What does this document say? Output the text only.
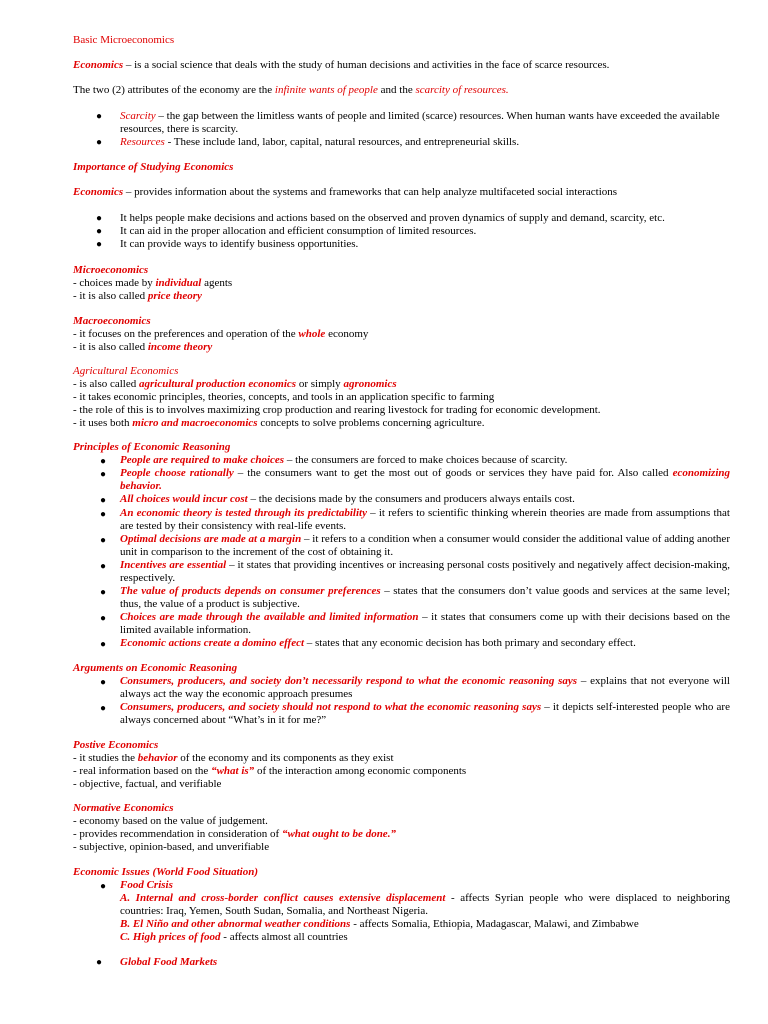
Basic Microeconomics
Economics – is a social science that deals with the study of human decisions and activities in the face of scarce resources.
The two (2) attributes of the economy are the infinite wants of people and the scarcity of resources.
● Scarcity – the gap between the limitless wants of people and limited (scarce) resources. When human wants have exceeded the available resources, there is scarcity.
● Resources - These include land, labor, capital, natural resources, and entrepreneurial skills.
Importance of Studying Economics
Economics – provides information about the systems and frameworks that can help analyze multifaceted social interactions
● It helps people make decisions and actions based on the observed and proven dynamics of supply and demand, scarcity, etc.
● It can aid in the proper allocation and efficient consumption of limited resources.
● It can provide ways to identify business opportunities.
Microeconomics
- choices made by individual agents
- it is also called price theory
Macroeconomics
- it focuses on the preferences and operation of the whole economy
- it is also called income theory
Agricultural Economics
- is also called agricultural production economics or simply agronomics
- it takes economic principles, theories, concepts, and tools in an application specific to farming
- the role of this is to involves maximizing crop production and rearing livestock for trading for economic development.
- it uses both micro and macroeconomics concepts to solve problems concerning agriculture.
Principles of Economic Reasoning
● People are required to make choices – the consumers are forced to make choices because of scarcity.
● People choose rationally – the consumers want to get the most out of goods or services they have paid for. Also called economizing behavior.
● All choices would incur cost – the decisions made by the consumers and producers always entails cost.
● An economic theory is tested through its predictability – it refers to scientific thinking wherein theories are made from assumptions that are tested by their consistency with real-life events.
● Optimal decisions are made at a margin – it refers to a condition when a consumer would consider the additional value of adding another unit in comparison to the increment of the cost of obtaining it.
● Incentives are essential – it states that providing incentives or increasing personal costs positively and negatively affect decision-making, respectively.
● The value of products depends on consumer preferences – states that the consumers don’t value goods and services at the same level; thus, the value of a product is subjective.
● Choices are made through the available and limited information – it states that consumers come up with their decisions based on the limited available information.
● Economic actions create a domino effect – states that any economic decision has both primary and secondary effect.
Arguments on Economic Reasoning
● Consumers, producers, and society don’t necessarily respond to what the economic reasoning says – explains that not everyone will always act the way the economic approach presumes
● Consumers, producers, and society should not respond to what the economic reasoning says – it depicts self-interested people who are always concerned about “What’s in it for me?”
Postive Economics
- it studies the behavior of the economy and its components as they exist
- real information based on the “what is” of the interaction among economic components
- objective, factual, and verifiable
Normative Economics
- economy based on the value of judgement.
- provides recommendation in consideration of “what ought to be done.”
- subjective, opinion-based, and unverifiable
Economic Issues (World Food Situation)
● Food Crisis
A. Internal and cross-border conflict causes extensive displacement - affects Syrian people who were displaced to neighboring countries: Iraq, Yemen, South Sudan, Somalia, and Northeast Nigeria.
B. El Niño and other abnormal weather conditions - affects Somalia, Ethiopia, Madagascar, Malawi, and Zimbabwe
C. High prices of food - affects almost all countries
● Global Food Markets
